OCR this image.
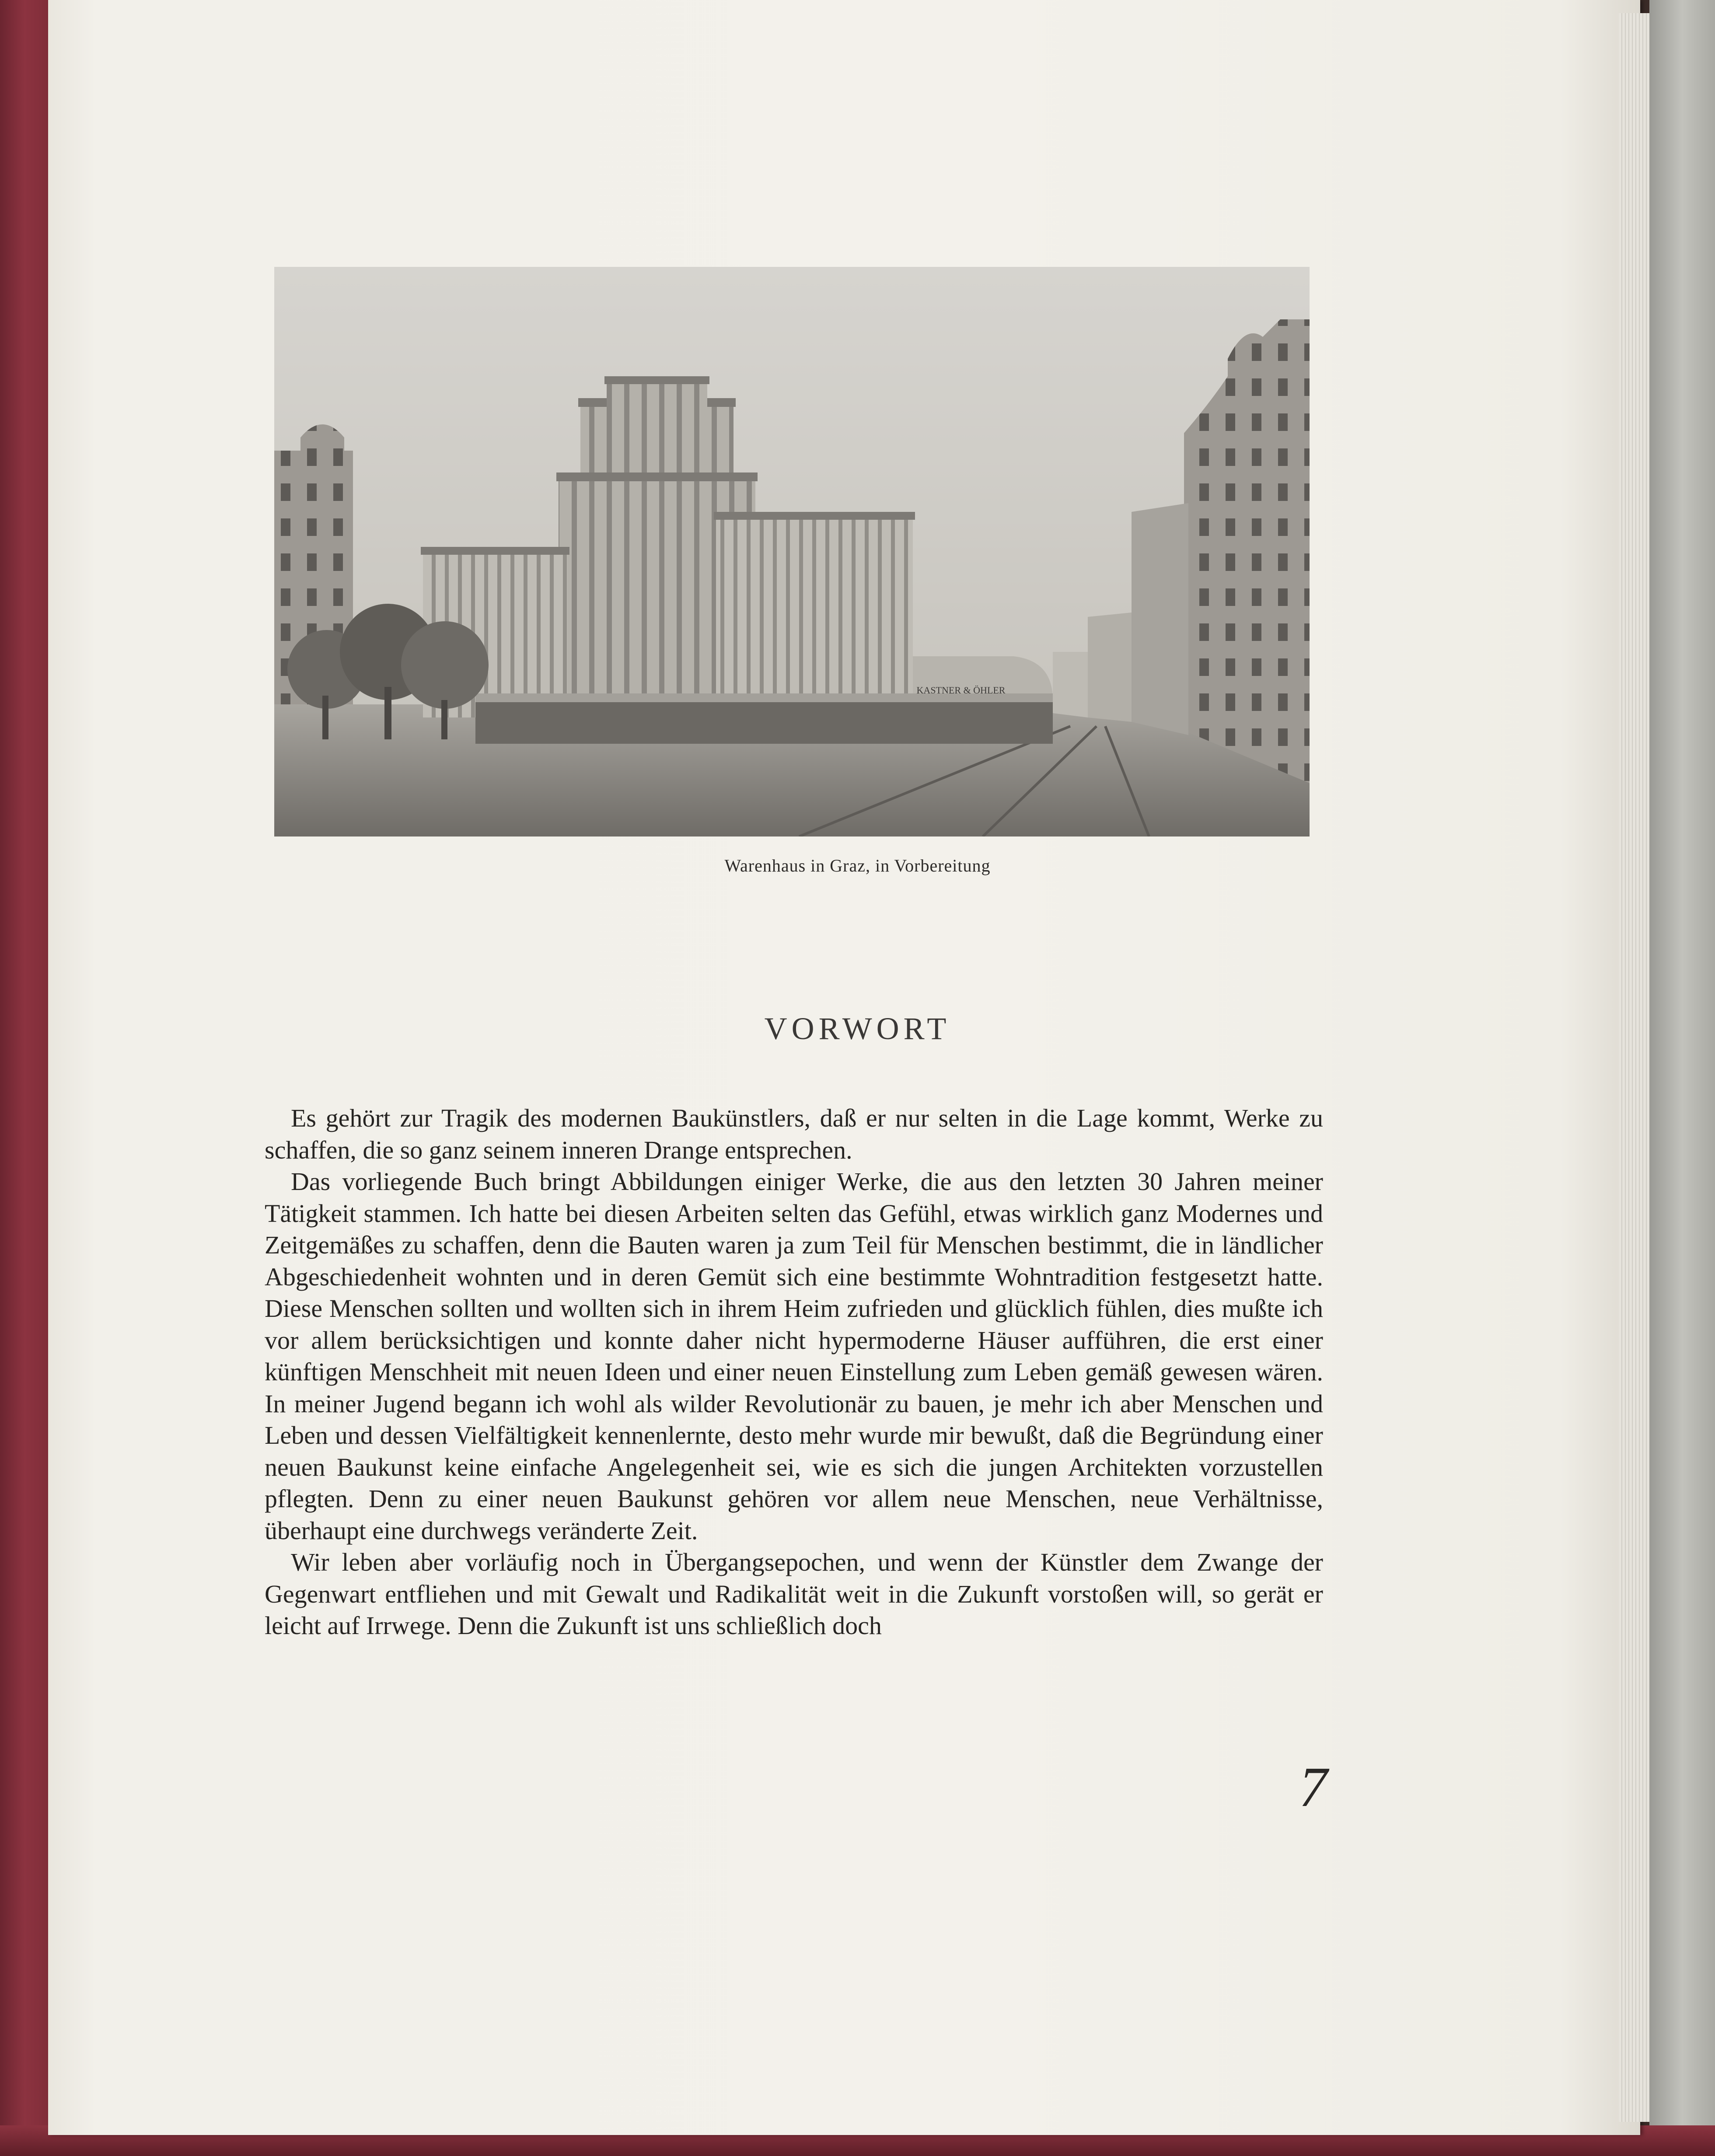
KASTNER & ÖHLER
Warenhaus in Graz, in Vorbereitung
VORWORT

Es gehört zur Tragik des modernen Baukünstlers, daß er nur selten in die Lage kommt, Werke zu schaffen, die so ganz seinem inneren Drange entsprechen.

Das vorliegende Buch bringt Abbildungen einiger Werke, die aus den letzten 30 Jahren meiner Tätigkeit stammen. Ich hatte bei diesen Arbeiten selten das Gefühl, etwas wirklich ganz Modernes und Zeitgemäßes zu schaffen, denn die Bauten waren ja zum Teil für Menschen bestimmt, die in ländlicher Abgeschiedenheit wohnten und in deren Gemüt sich eine bestimmte Wohntradition festgesetzt hatte. Diese Menschen sollten und wollten sich in ihrem Heim zufrieden und glücklich fühlen, dies mußte ich vor allem berücksichtigen und konnte daher nicht hypermoderne Häuser aufführen, die erst einer künftigen Menschheit mit neuen Ideen und einer neuen Einstellung zum Leben gemäß gewesen wären. In meiner Jugend begann ich wohl als wilder Revolutionär zu bauen, je mehr ich aber Menschen und Leben und dessen Vielfältigkeit kennenlernte, desto mehr wurde mir bewußt, daß die Begründung einer neuen Baukunst keine einfache Angelegenheit sei, wie es sich die jungen Architekten vorzustellen pflegten. Denn zu einer neuen Baukunst gehören vor allem neue Menschen, neue Verhältnisse, überhaupt eine durchwegs veränderte Zeit.

Wir leben aber vorläufig noch in Übergangsepochen, und wenn der Künstler dem Zwange der Gegenwart entfliehen und mit Gewalt und Radikalität weit in die Zukunft vorstoßen will, so gerät er leicht auf Irrwege. Denn die Zukunft ist uns schließlich doch

7
